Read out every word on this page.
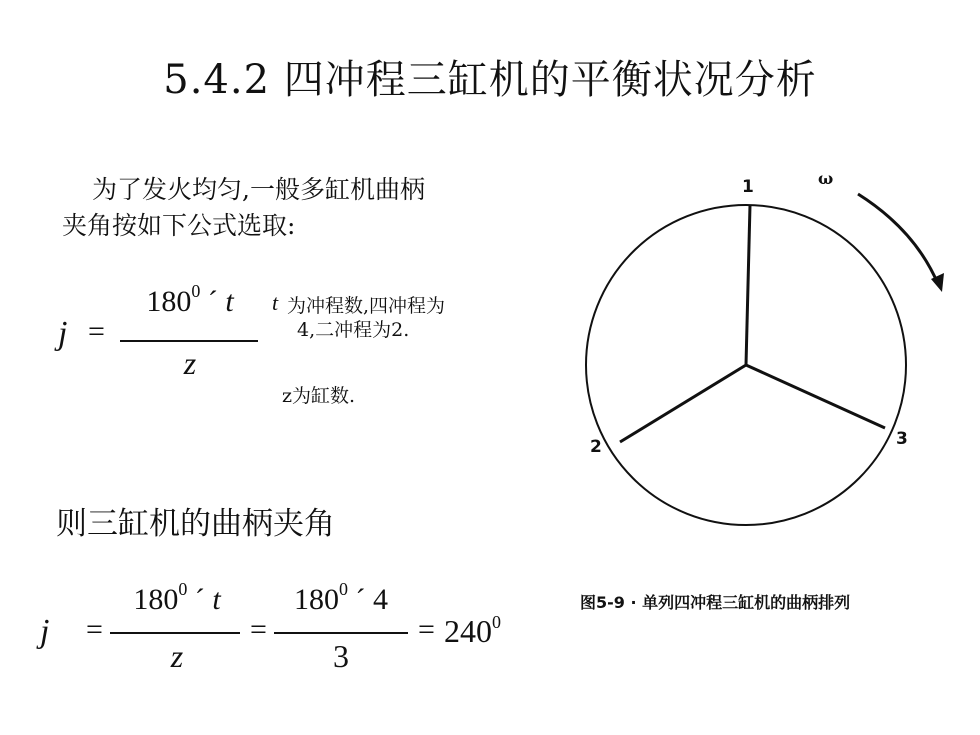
5.4.2 四冲程三缸机的平衡状况分析
为了发火均匀,一般多缸机曲柄
夹角按如下公式选取:
j =
$180^0$ ´ t
z
t 为冲程数,四冲程为
4,二冲程为2.
z为缸数.
则三缸机的曲柄夹角
j =
$180^0$ ´ t
z
=
$180^0$ ´ 4
3
= $240^0$
1
2	3
ω
图5-9 · 单列四冲程三缸机的曲柄排列
